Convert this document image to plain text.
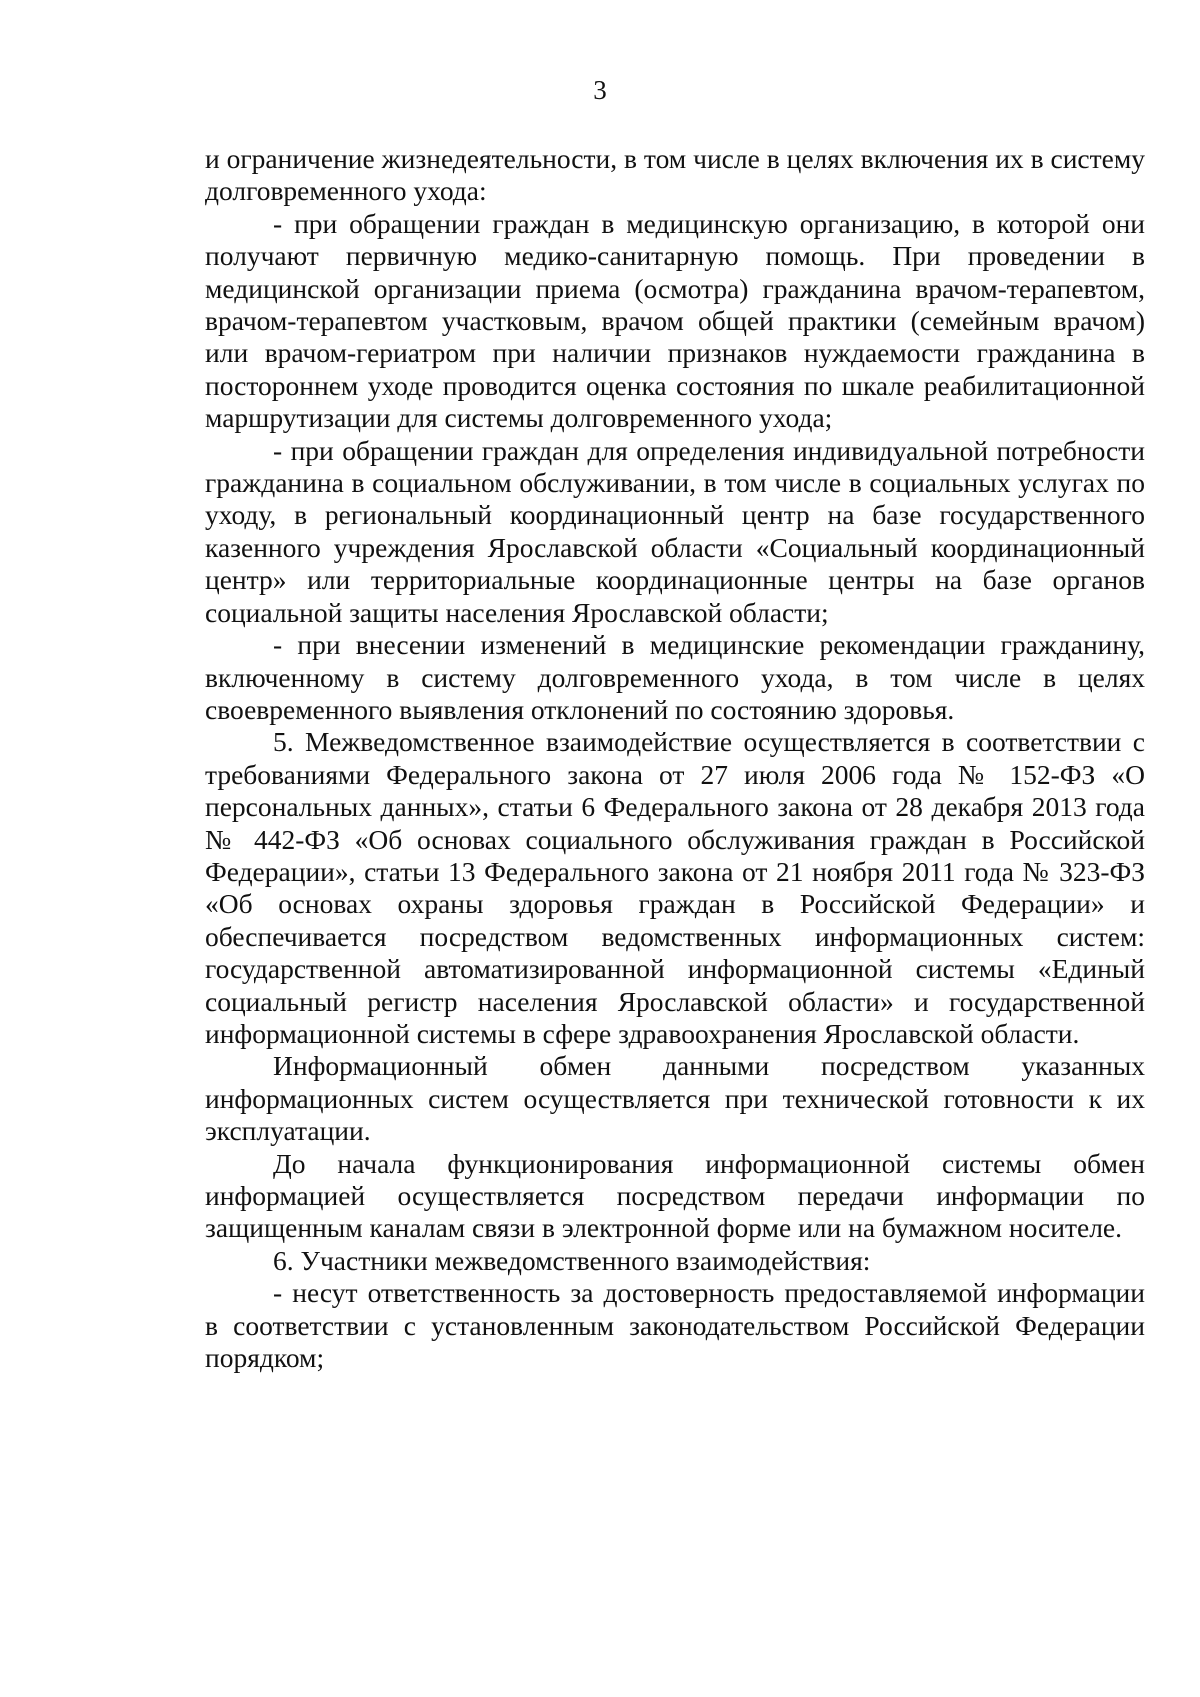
3

и ограничение жизнедеятельности, в том числе в целях включения их в систему долговременного ухода:

- при обращении граждан в медицинскую организацию, в которой они получают первичную медико-санитарную помощь. При проведении в медицинской организации приема (осмотра) гражданина врачом-терапевтом, врачом-терапевтом участковым, врачом общей практики (семейным врачом) или врачом-гериатром при наличии признаков нуждаемости гражданина в постороннем уходе проводится оценка состояния по шкале реабилитационной маршрутизации для системы долговременного ухода;

- при обращении граждан для определения индивидуальной потребности гражданина в социальном обслуживании, в том числе в социальных услугах по уходу, в региональный координационный центр на базе государственного казенного учреждения Ярославской области «Социальный координационный центр» или территориальные координационные центры на базе органов социальной защиты населения Ярославской области;

- при внесении изменений в медицинские рекомендации гражданину, включенному в систему долговременного ухода, в том числе в целях своевременного выявления отклонений по состоянию здоровья.

5. Межведомственное взаимодействие осуществляется в соответствии с требованиями Федерального закона от 27 июля 2006 года № 152-ФЗ «О персональных данных», статьи 6 Федерального закона от 28 декабря 2013 года № 442-ФЗ «Об основах социального обслуживания граждан в Российской Федерации», статьи 13 Федерального закона от 21 ноября 2011 года № 323-ФЗ «Об основах охраны здоровья граждан в Российской Федерации» и обеспечивается посредством ведомственных информационных систем: государственной автоматизированной информационной системы «Единый социальный регистр населения Ярославской области» и государственной информационной системы в сфере здравоохранения Ярославской области.

Информационный обмен данными посредством указанных информационных систем осуществляется при технической готовности к их эксплуатации.

До начала функционирования информационной системы обмен информацией осуществляется посредством передачи информации по защищенным каналам связи в электронной форме или на бумажном носителе.

6. Участники межведомственного взаимодействия:

- несут ответственность за достоверность предоставляемой информации в соответствии с установленным законодательством Российской Федерации порядком;
